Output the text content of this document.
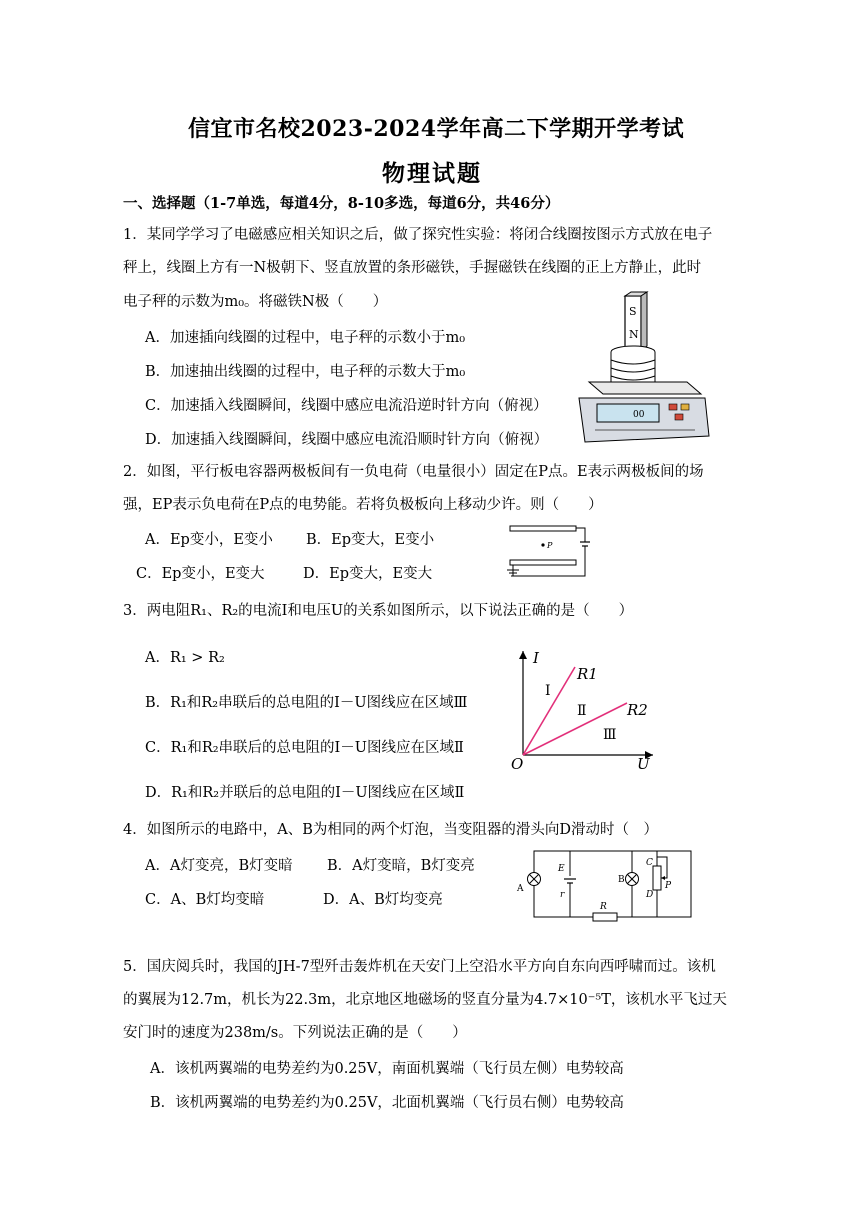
信宜市名校2023-2024学年高二下学期开学考试
物理试题
一、选择题（1-7单选，每道4分，8-10多选，每道6分，共46分）
1．某同学学习了电磁感应相关知识之后，做了探究性实验：将闭合线圈按图示方式放在电子
秤上，线圈上方有一N极朝下、竖直放置的条形磁铁，手握磁铁在线圈的正上方静止，此时
电子秤的示数为m₀。将磁铁N极（　　）
A．加速插向线圈的过程中，电子秤的示数小于m₀
B．加速抽出线圈的过程中，电子秤的示数大于m₀
C．加速插入线圈瞬间，线圈中感应电流沿逆时针方向（俯视）
D．加速插入线圈瞬间，线圈中感应电流沿顺时针方向（俯视）
S
N
00
2．如图，平行板电容器两极板间有一负电荷（电量很小）固定在P点。E表示两极板间的场
强，EP表示负电荷在P点的电势能。若将负极板向上移动少许。则（　　）
A．Ep变小，E变小 B．Ep变大，E变小
C．Ep变小，E变大	D．Ep变大，E变大
P
3．两电阻R₁、R₂的电流I和电压U的关系如图所示，以下说法正确的是（　　）
A．R₁ > R₂
B．R₁和R₂串联后的总电阻的I－U图线应在区域Ⅲ
C．R₁和R₂串联后的总电阻的I－U图线应在区域Ⅱ
D．R₁和R₂并联后的总电阻的I－U图线应在区域Ⅱ
I
U
O
R1
R2
Ⅰ
Ⅱ
Ⅲ
4．如图所示的电路中，A、B为相同的两个灯泡，当变阻器的滑头向D滑动时（　）
A．A灯变亮，B灯变暗 B．A灯变暗，B灯变亮
C．A、B灯均变暗	D．A、B灯均变亮
A
E
r
B
C
P
D
R
5．国庆阅兵时，我国的JH-7型歼击轰炸机在天安门上空沿水平方向自东向西呼啸而过。该机
的翼展为12.7m，机长为22.3m，北京地区地磁场的竖直分量为4.7×10⁻⁵T，该机水平飞过天
安门时的速度为238m/s。下列说法正确的是（　　）
A．该机两翼端的电势差约为0.25V，南面机翼端（飞行员左侧）电势较高
B．该机两翼端的电势差约为0.25V，北面机翼端（飞行员右侧）电势较高
